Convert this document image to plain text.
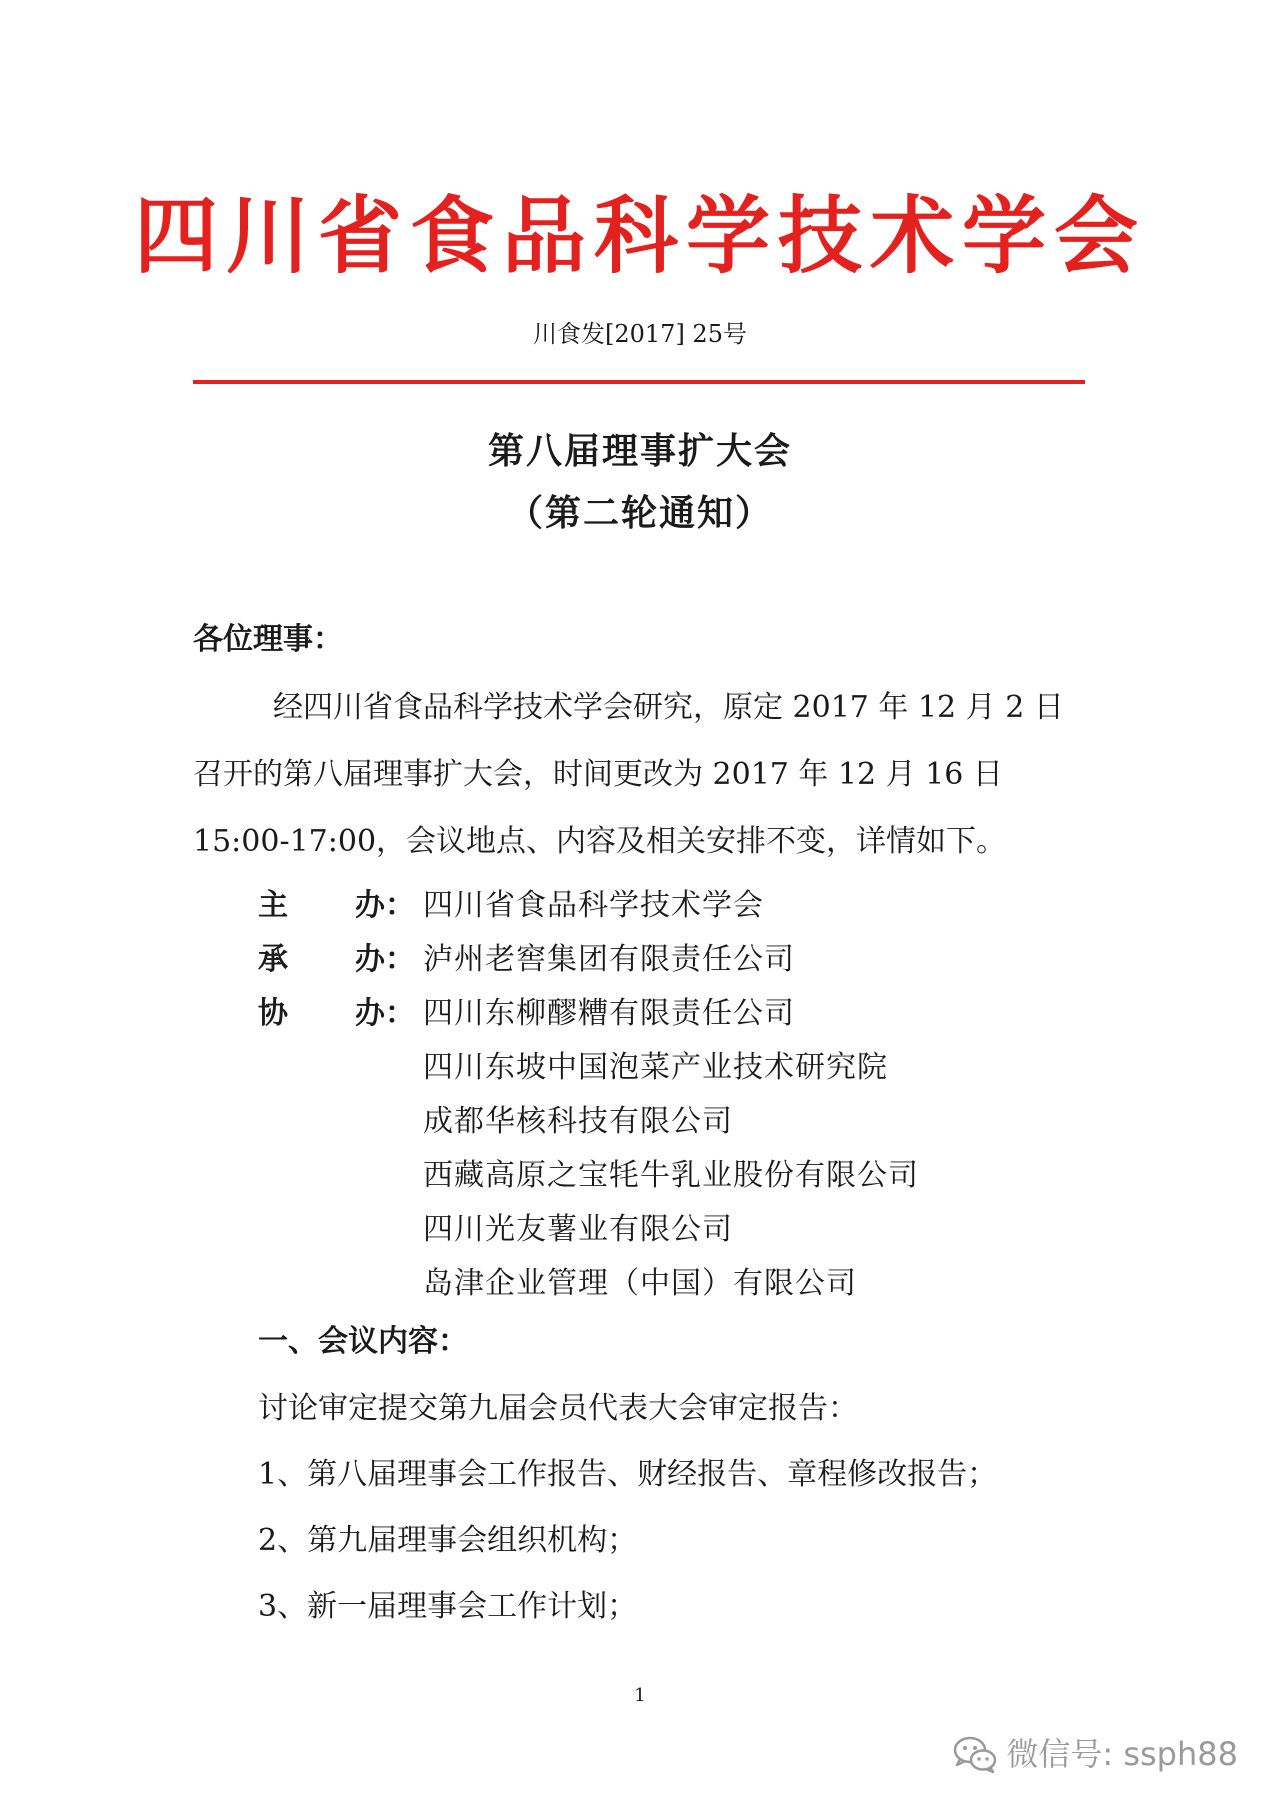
四川省食品科学技术学会
川食发[2017] 25号
第八届理事扩大会
（第二轮通知）
各位理事：
经四川省食品科学技术学会研究，原定 2017 年 12 月 2 日
召开的第八届理事扩大会，时间更改为 2017 年 12 月 16 日
15:00-17:00，会议地点、内容及相关安排不变，详情如下。
主 办： 四川省食品科学技术学会
承 办： 泸州老窖集团有限责任公司
协 办： 四川东柳醪糟有限责任公司
四川东坡中国泡菜产业技术研究院
成都华核科技有限公司
西藏高原之宝牦牛乳业股份有限公司
四川光友薯业有限公司
岛津企业管理（中国）有限公司
一、会议内容：
讨论审定提交第九届会员代表大会审定报告：
1、第八届理事会工作报告、财经报告、章程修改报告；
2、第九届理事会组织机构；
3、新一届理事会工作计划；
1
微信号: ssph88
